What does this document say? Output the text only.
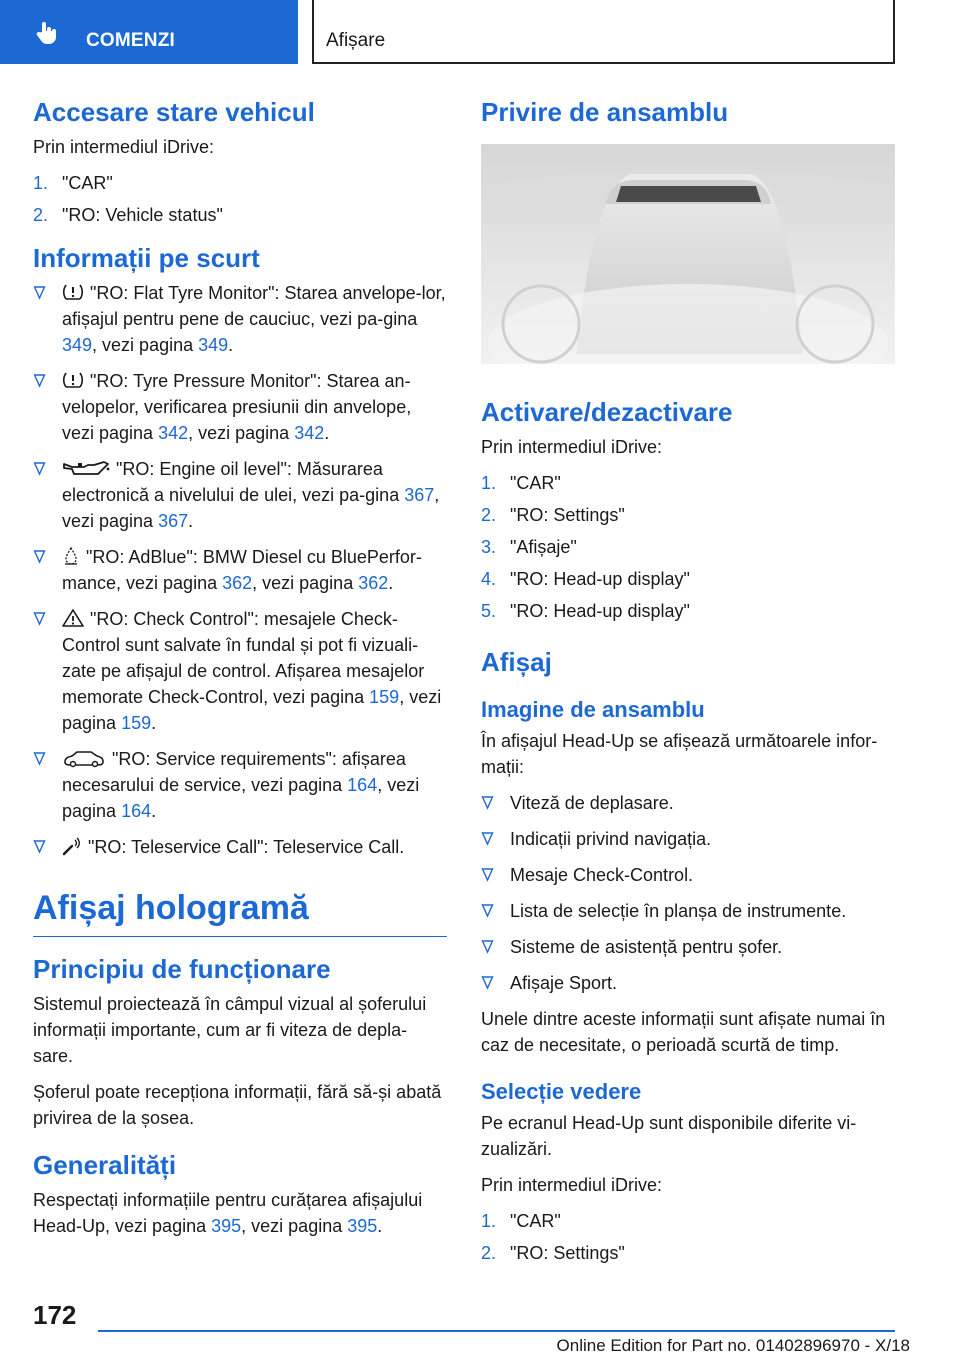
COMENZI	Afișare
Accesare stare vehicul

Prin intermediul iDrive:

1. "CAR"
2. "RO: Vehicle status"
Informații pe scurt
"RO: Flat Tyre Monitor": Starea anvelope-lor, afișajul pentru pene de cauciuc, vezi pa-gina 349, vezi pagina 349.
"RO: Tyre Pressure Monitor": Starea an-velopelor, verificarea presiunii din anvelope, vezi pagina 342, vezi pagina 342.
"RO: Engine oil level": Măsurarea electronică a nivelului de ulei, vezi pa-gina 367, vezi pagina 367.
"RO: AdBlue": BMW Diesel cu BluePerfor-mance, vezi pagina 362, vezi pagina 362.
"RO: Check Control": mesajele Check-Control sunt salvate în fundal și pot fi vizuali-zate pe afișajul de control. Afișarea mesajelor memorate Check-Control, vezi pagina 159, vezi pagina 159.
"RO: Service requirements": afișarea necesarului de service, vezi pagina 164, vezi pagina 164.
"RO: Teleservice Call": Teleservice Call.
Afișaj hologramă
Principiu de funcționare

Sistemul proiectează în câmpul vizual al șoferului informații importante, cum ar fi viteza de depla-sare.

Șoferul poate recepționa informații, fără să-și abată privirea de la șosea.

Generalități

Respectați informațiile pentru curățarea afișajului Head-Up, vezi pagina 395, vezi pagina 395.

Privire de ansamblu
Activare/dezactivare

Prin intermediul iDrive:

1. "CAR"
2. "RO: Settings"
3. "Afișaje"
4. "RO: Head-up display"
5. "RO: Head-up display"
Afișaj
Imagine de ansamblu

În afișajul Head-Up se afișează următoarele infor-mații:

Viteză de deplasare.
Indicații privind navigația.
Mesaje Check-Control.
Lista de selecție în planșa de instrumente.
Sisteme de asistență pentru șofer.
Afișaje Sport.

Unele dintre aceste informații sunt afișate numai în caz de necesitate, o perioadă scurtă de timp.

Selecție vedere

Pe ecranul Head-Up sunt disponibile diferite vi-zualizări.

Prin intermediul iDrive:

1. "CAR"
2. "RO: Settings"
172
Online Edition for Part no. 01402896970 - X/18
